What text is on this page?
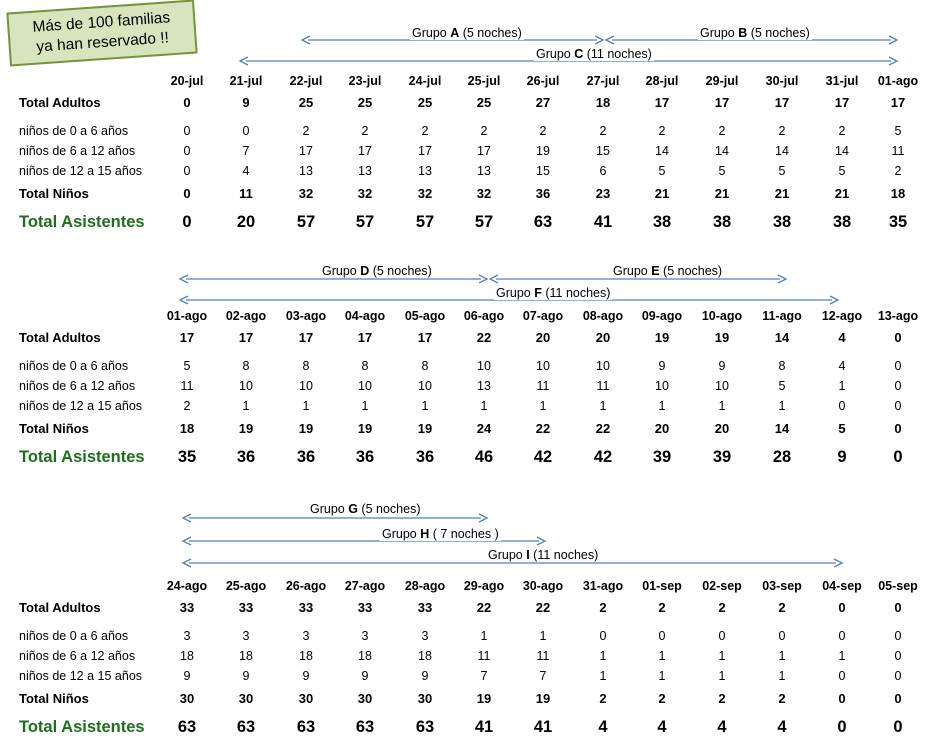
Más de 100 familias
ya han reservado !!
20-jul	21-jul	22-jul	23-jul	24-jul	25-jul	26-jul	27-jul	28-jul	29-jul	30-jul	31-jul	01-ago
Total Adultos	0	9	25	25	25	25	27	18	17	17	17	17	17
niños de 0 a 6 años	0	0	2	2	2	2	2	2	2	2	2	2	5
niños de 6 a 12 años	0	7	17	17	17	17	19	15	14	14	14	14	11
niños de 12 a 15 años	0	4	13	13	13	13	15	6	5	5	5	5	2
Total Niños	0	11	32	32	32	32	36	23	21	21	21	21	18
Total Asistentes	0	20	57	57	57	57	63	41	38	38	38	38	35
01-ago	02-ago	03-ago	04-ago	05-ago	06-ago	07-ago	08-ago	09-ago	10-ago	11-ago	12-ago	13-ago
Total Adultos	17	17	17	17	17	22	20	20	19	19	14	4	0
niños de 0 a 6 años	5	8	8	8	8	10	10	10	9	9	8	4	0
niños de 6 a 12 años	11	10	10	10	10	13	11	11	10	10	5	1	0
niños de 12 a 15 años	2	1	1	1	1	1	1	1	1	1	1	0	0
Total Niños	18	19	19	19	19	24	22	22	20	20	14	5	0
Total Asistentes	35	36	36	36	36	46	42	42	39	39	28	9	0
24-ago	25-ago	26-ago	27-ago	28-ago	29-ago	30-ago	31-ago	01-sep	02-sep	03-sep	04-sep	05-sep
Total Adultos	33	33	33	33	33	22	22	2	2	2	2	0	0
niños de 0 a 6 años	3	3	3	3	3	1	1	0	0	0	0	0	0
niños de 6 a 12 años	18	18	18	18	18	11	11	1	1	1	1	1	0
niños de 12 a 15 años	9	9	9	9	9	7	7	1	1	1	1	0	0
Total Niños	30	30	30	30	30	19	19	2	2	2	2	0	0
Total Asistentes	63	63	63	63	63	41	41	4	4	4	4	0	0
Grupo A (5 noches)	Grupo B (5 noches)
Grupo C (11 noches)
Grupo D (5 noches)	Grupo E (5 noches)
Grupo F (11 noches)
Grupo G (5 noches)
Grupo H ( 7 noches )
Grupo I (11 noches)
